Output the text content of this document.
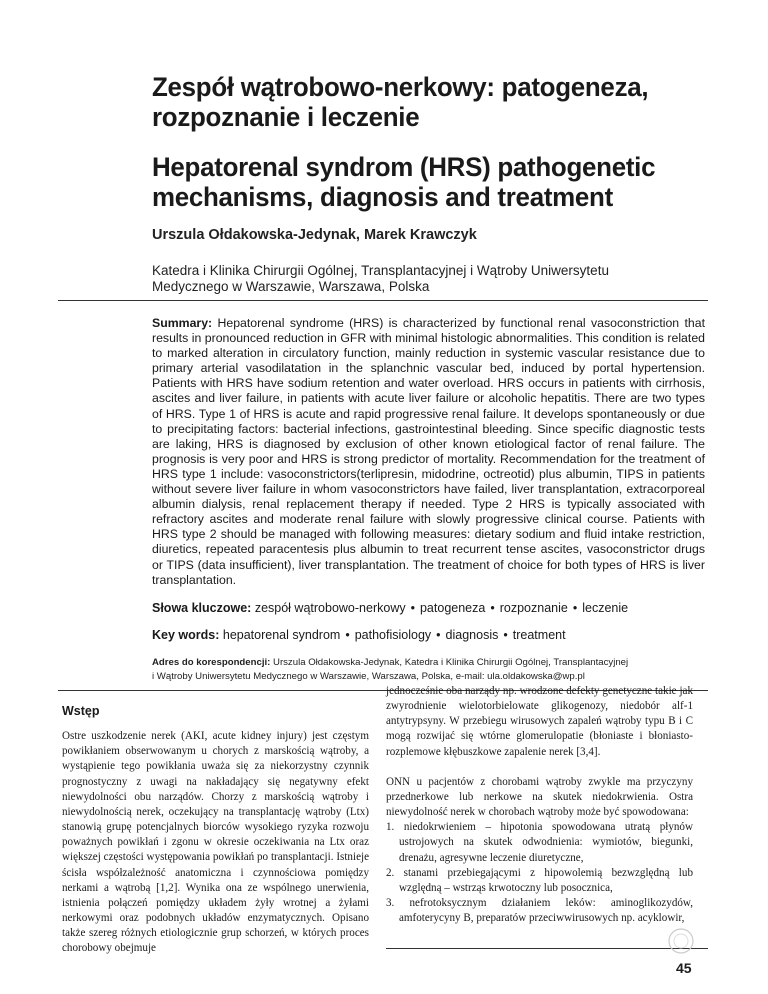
Zespół wątrobowo-nerkowy: patogeneza,
rozpoznanie i leczenie
Hepatorenal syndrom (HRS) pathogenetic
mechanisms, diagnosis and treatment

Urszula Ołdakowska-Jedynak, Marek Krawczyk

Katedra i Klinika Chirurgii Ogólnej, Transplantacyjnej i Wątroby Uniwersytetu
Medycznego w Warszawie, Warszawa, Polska

Summary: Hepatorenal syndrome (HRS) is characterized by functional renal vasoconstriction that results in pronounced reduction in GFR with minimal histologic abnormalities. This condition is related to marked alteration in circulatory function, mainly reduction in systemic vascular resistance due to primary arterial vasodilatation in the splanchnic vascular bed, induced by portal hypertension. Patients with HRS have sodium retention and water overload. HRS occurs in patients with cirrhosis, ascites and liver failure, in patients with acute liver failure or alcoholic hepatitis. There are two types of HRS. Type 1 of HRS is acute and rapid progressive renal failure. It develops spontaneously or due to precipitating factors: bacterial infections, gastrointestinal bleeding. Since specific diagnostic tests are laking, HRS is diagnosed by exclusion of other known etiological factor of renal failure. The prognosis is very poor and HRS is strong predictor of mortality. Recommendation for the treatment of HRS type 1 include: vasoconstrictors(terlipresin, midodrine, octreotid) plus albumin, TIPS in patients without severe liver failure in whom vasoconstrictors have failed, liver transplantation, extracorporeal albumin dialysis, renal replacement therapy if needed. Type 2 HRS is typically associated with refractory ascites and moderate renal failure with slowly progressive clinical course. Patients with HRS type 2 should be managed with following measures: dietary sodium and fluid intake restriction, diuretics, repeated paracentesis plus albumin to treat recurrent tense ascites, vasoconstrictor drugs or TIPS (data insufficient), liver transplantation. The treatment of choice for both types of HRS is liver transplantation.

Słowa kluczowe: zespół wątrobowo-nerkowy • patogeneza • rozpoznanie • leczenie

Key words: hepatorenal syndrom • pathofisiology • diagnosis • treatment

Adres do korespondencji: Urszula Ołdakowska-Jedynak, Katedra i Klinika Chirurgii Ogólnej, Transplantacyjnej
i Wątroby Uniwersytetu Medycznego w Warszawie, Warszawa, Polska, e-mail: ula.oldakowska@wp.pl

Wstęp

Ostre uszkodzenie nerek (AKI, acute kidney injury) jest częstym powikłaniem obserwowanym u chorych z marskością wątroby, a wystąpienie tego powikłania uważa się za niekorzystny czynnik prognostyczny z uwagi na nakładający się negatywny efekt niewydolności obu narządów. Chorzy z marskością wątroby i niewydolnością nerek, oczekujący na transplantację wątroby (Ltx) stanowią grupę potencjalnych biorców wysokiego ryzyka rozwoju poważnych powikłań i zgonu w okresie oczekiwania na Ltx oraz większej częstości występowania powikłań po transplantacji. Istnieje ścisła współzależność anatomiczna i czynnościowa pomiędzy nerkami a wątrobą [1,2]. Wynika ona ze wspólnego unerwienia, istnienia połączeń pomiędzy układem żyły wrotnej a żyłami nerkowymi oraz podobnych układów enzymatycznych. Opisano także szereg różnych etiologicznie grup schorzeń, w których proces chorobowy obejmuje

jednocześnie oba narządy np. wrodzone defekty genetyczne takie jak zwyrodnienie wielotorbielowate glikogenozy, niedobór alf-1 antytrypsyny. W przebiegu wirusowych zapaleń wątroby typu B i C mogą rozwijać się wtórne glomerulopatie (błoniaste i błoniasto-rozplemowe kłębuszkowe zapalenie nerek [3,4].

ONN u pacjentów z chorobami wątroby zwykle ma przyczyny przednerkowe lub nerkowe na skutek niedokrwienia. Ostra niewydolność nerek w chorobach wątroby może być spowodowana:

1. niedokrwieniem – hipotonia spowodowana utratą płynów ustrojowych na skutek odwodnienia: wymiotów, biegunki, drenażu, agresywne leczenie diuretyczne,
2. stanami przebiegającymi z hipowolemią bezwzględną lub względną – wstrząs krwotoczny lub posocznica,
3. nefrotoksycznym działaniem leków: aminoglikozydów, amfoterycyny B, preparatów przeciwwirusowych np. acyklowir,

45
